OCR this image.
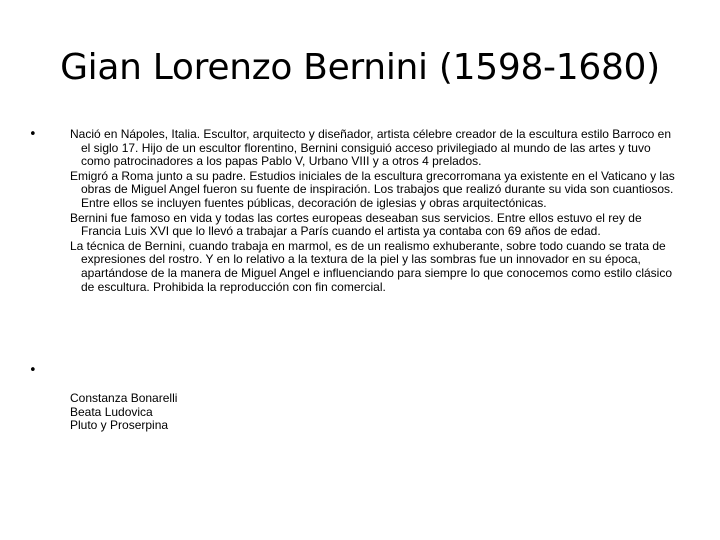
Gian Lorenzo Bernini (1598-1680)
•	Nació en Nápoles, Italia. Escultor, arquitecto y diseñador, artista célebre creador de la escultura estilo Barroco en el siglo 17. Hijo de un escultor florentino, Bernini consiguió acceso privilegiado al mundo de las artes y tuvo como patrocinadores a los papas Pablo V, Urbano VIII y a otros 4 prelados.

Emigró a Roma junto a su padre. Estudios iniciales de la escultura grecorromana ya existente en el Vaticano y las obras de Miguel Angel fueron su fuente de inspiración. Los trabajos que realizó durante su vida son cuantiosos. Entre ellos se incluyen fuentes públicas, decoración de iglesias y obras arquitectónicas.

Bernini fue famoso en vida y todas las cortes europeas deseaban sus servicios. Entre ellos estuvo el rey de Francia Luis XVI que lo llevó a trabajar a París cuando el artista ya contaba con 69 años de edad.

La técnica de Bernini, cuando trabaja en marmol, es de un realismo exhuberante, sobre todo cuando se trata de expresiones del rostro. Y en lo relativo a la textura de la piel y las sombras fue un innovador en su época, apartándose de la manera de Miguel Angel e influenciando para siempre lo que conocemos como estilo clásico de escultura. Prohibida la reproducción con fin comercial.

•

Constanza Bonarelli

Beata Ludovica

Pluto y Proserpina
